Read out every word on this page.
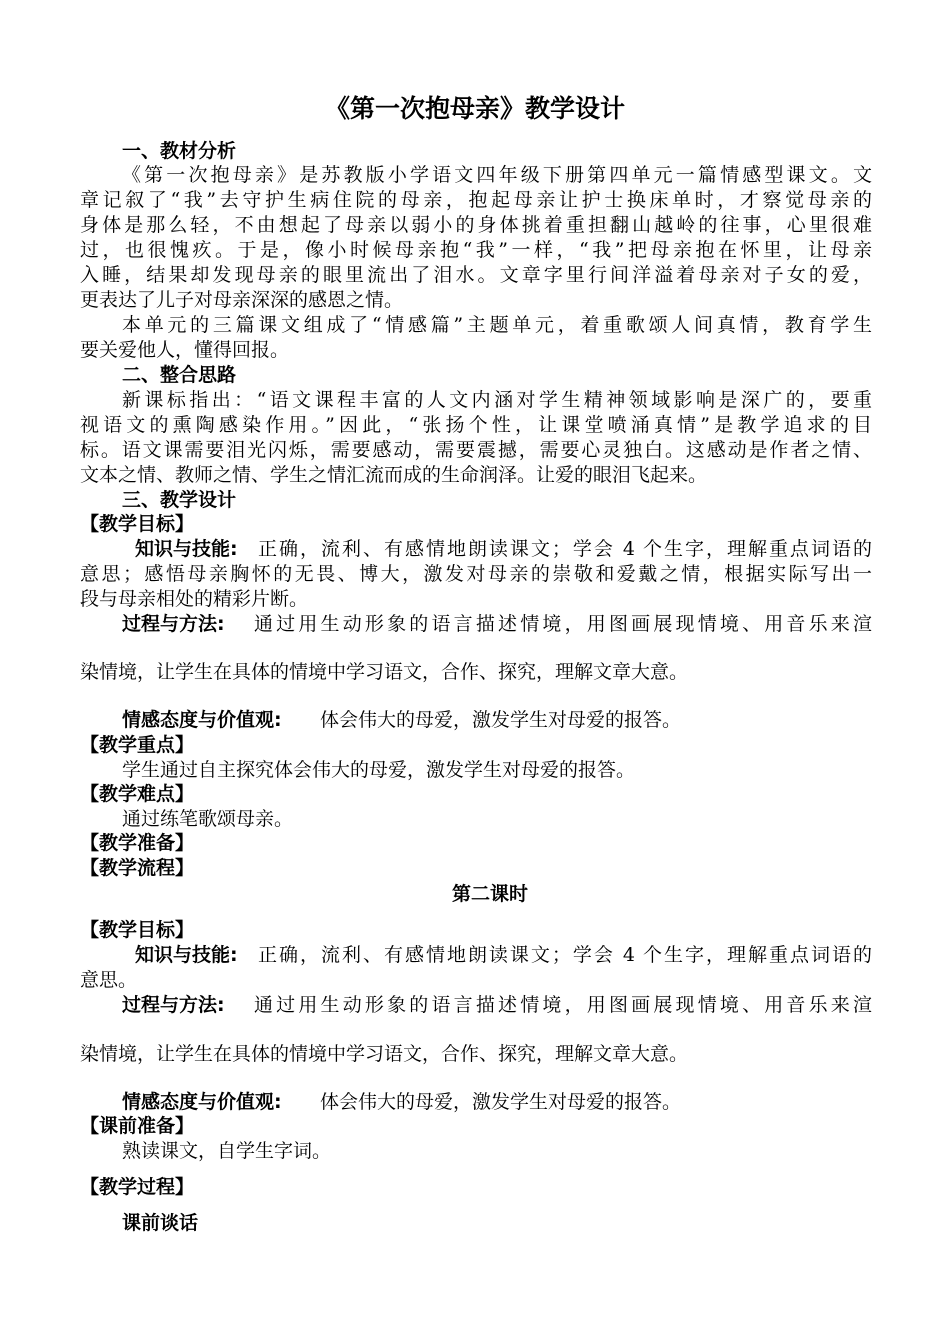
《第一次抱母亲》教学设计
一、教材分析
《第一次抱母亲》是苏教版小学语文四年级下册第四单元一篇情感型课文。文
章记叙了“我”去守护生病住院的母亲，抱起母亲让护士换床单时，才察觉母亲的
身体是那么轻，不由想起了母亲以弱小的身体挑着重担翻山越岭的往事，心里很难
过，也很愧疚。于是，像小时候母亲抱“我”一样，“我”把母亲抱在怀里，让母亲
入睡，结果却发现母亲的眼里流出了泪水。文章字里行间洋溢着母亲对子女的爱，
更表达了儿子对母亲深深的感恩之情。
本单元的三篇课文组成了“情感篇”主题单元，着重歌颂人间真情，教育学生
要关爱他人，懂得回报。
二、整合思路
新课标指出：“语文课程丰富的人文内涵对学生精神领域影响是深广的，要重
视语文的熏陶感染作用。”因此，“张扬个性，让课堂喷涌真情”是教学追求的目
标。语文课需要泪光闪烁，需要感动，需要震撼，需要心灵独白。这感动是作者之情、
文本之情、教师之情、学生之情汇流而成的生命润泽。让爱的眼泪飞起来。
三、教学设计
【教学目标】
知识与技能: 正确，流利、有感情地朗读课文；学会 4 个生字，理解重点词语的
意思；感悟母亲胸怀的无畏、博大，激发对母亲的崇敬和爱戴之情，根据实际写出一
段与母亲相处的精彩片断。
过程与方法: 通过用生动形象的语言描述情境，用图画展现情境、用音乐来渲
染情境，让学生在具体的情境中学习语文，合作、探究，理解文章大意。
情感态度与价值观: 体会伟大的母爱，激发学生对母爱的报答。
【教学重点】
学生通过自主探究体会伟大的母爱，激发学生对母爱的报答。
【教学难点】
通过练笔歌颂母亲。
【教学准备】
【教学流程】
第二课时
【教学目标】
知识与技能: 正确，流利、有感情地朗读课文；学会 4 个生字，理解重点词语的
意思。
过程与方法: 通过用生动形象的语言描述情境，用图画展现情境、用音乐来渲
染情境，让学生在具体的情境中学习语文，合作、探究，理解文章大意。
情感态度与价值观: 体会伟大的母爱，激发学生对母爱的报答。
【课前准备】
熟读课文，自学生字词。
【教学过程】
课前谈话
